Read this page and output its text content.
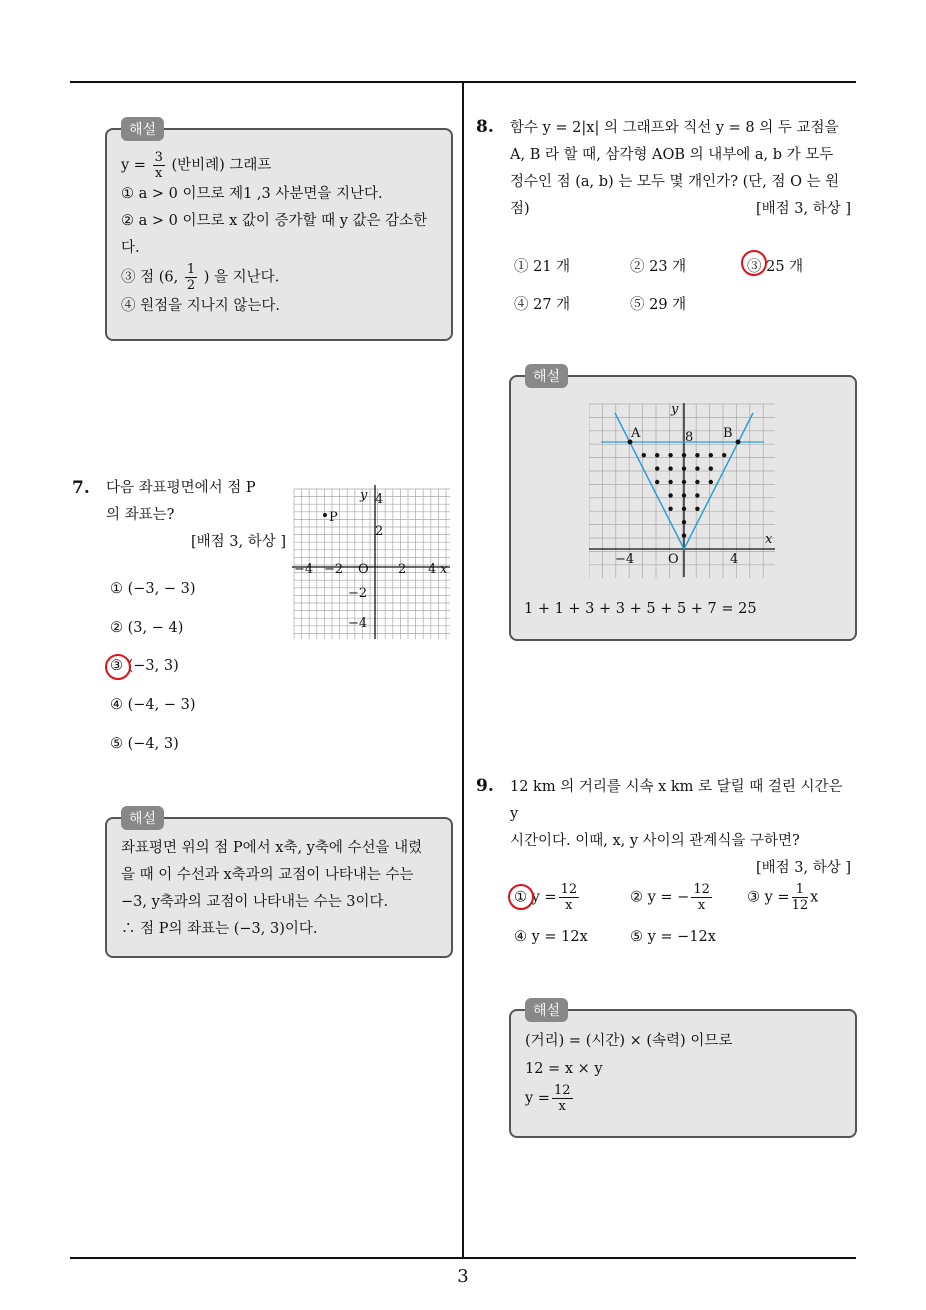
3
해설
$y = \frac{3}{x}$ (반비례) 그래프
① a > 0 이므로 제1 ,3 사분면을 지난다.
② a > 0 이므로 x 값이 증가할 때 y 값은 감소한
다.
③ 점 (6, $\frac{1}{2}$ ) 을 지난다.
④ 원점을 지나지 않는다.
7. 다음 좌표평면에서 점 P
의 좌표는?
[배점 3, 하상 ]
P
y
x
O
4
2
−2
−4
−4 −2	2 4
① (−3, − 3)
② (3, − 4)
③ (−3, 3)
④ (−4, − 3)
⑤ (−4, 3)
해설
좌표평면 위의 점 P에서 x축, y축에 수선을 내렸
을 때 이 수선과 x축과의 교점이 나타내는 수는
−3, y축과의 교점이 나타내는 수는 3이다.
∴ 점 P의 좌표는 (−3, 3)이다.
8. 함수 y = 2|x| 의 그래프와 직선 y = 8 의 두 교점을
A, B 라 할 때, 삼각형 AOB 의 내부에 a, b 가 모두
정수인 점 (a, b) 는 모두 몇 개인가? (단, 점 O 는 원
점)	[배점 3, 하상 ]
① 21 개	② 23 개	③ 25 개
④ 27 개	⑤ 29 개
해설
y
x
A	B
8
−4	O	4
1 + 1 + 3 + 3 + 5 + 5 + 7 = 25
9. 12 km 의 거리를 시속 x km 로 달릴 때 걸린 시간은 y
시간이다. 이때, x, y 사이의 관계식을 구하면?
[배점 3, 하상 ]
① $y = \frac{12}{x}$	② y = − $\frac{12}{x}$ ③ $y = \frac{1}{12}$ x
④ y = 12x	⑤ y = −12x
해설
(거리) = (시간) × (속력) 이므로
12 = x × y
$y = \frac{12}{x}$
